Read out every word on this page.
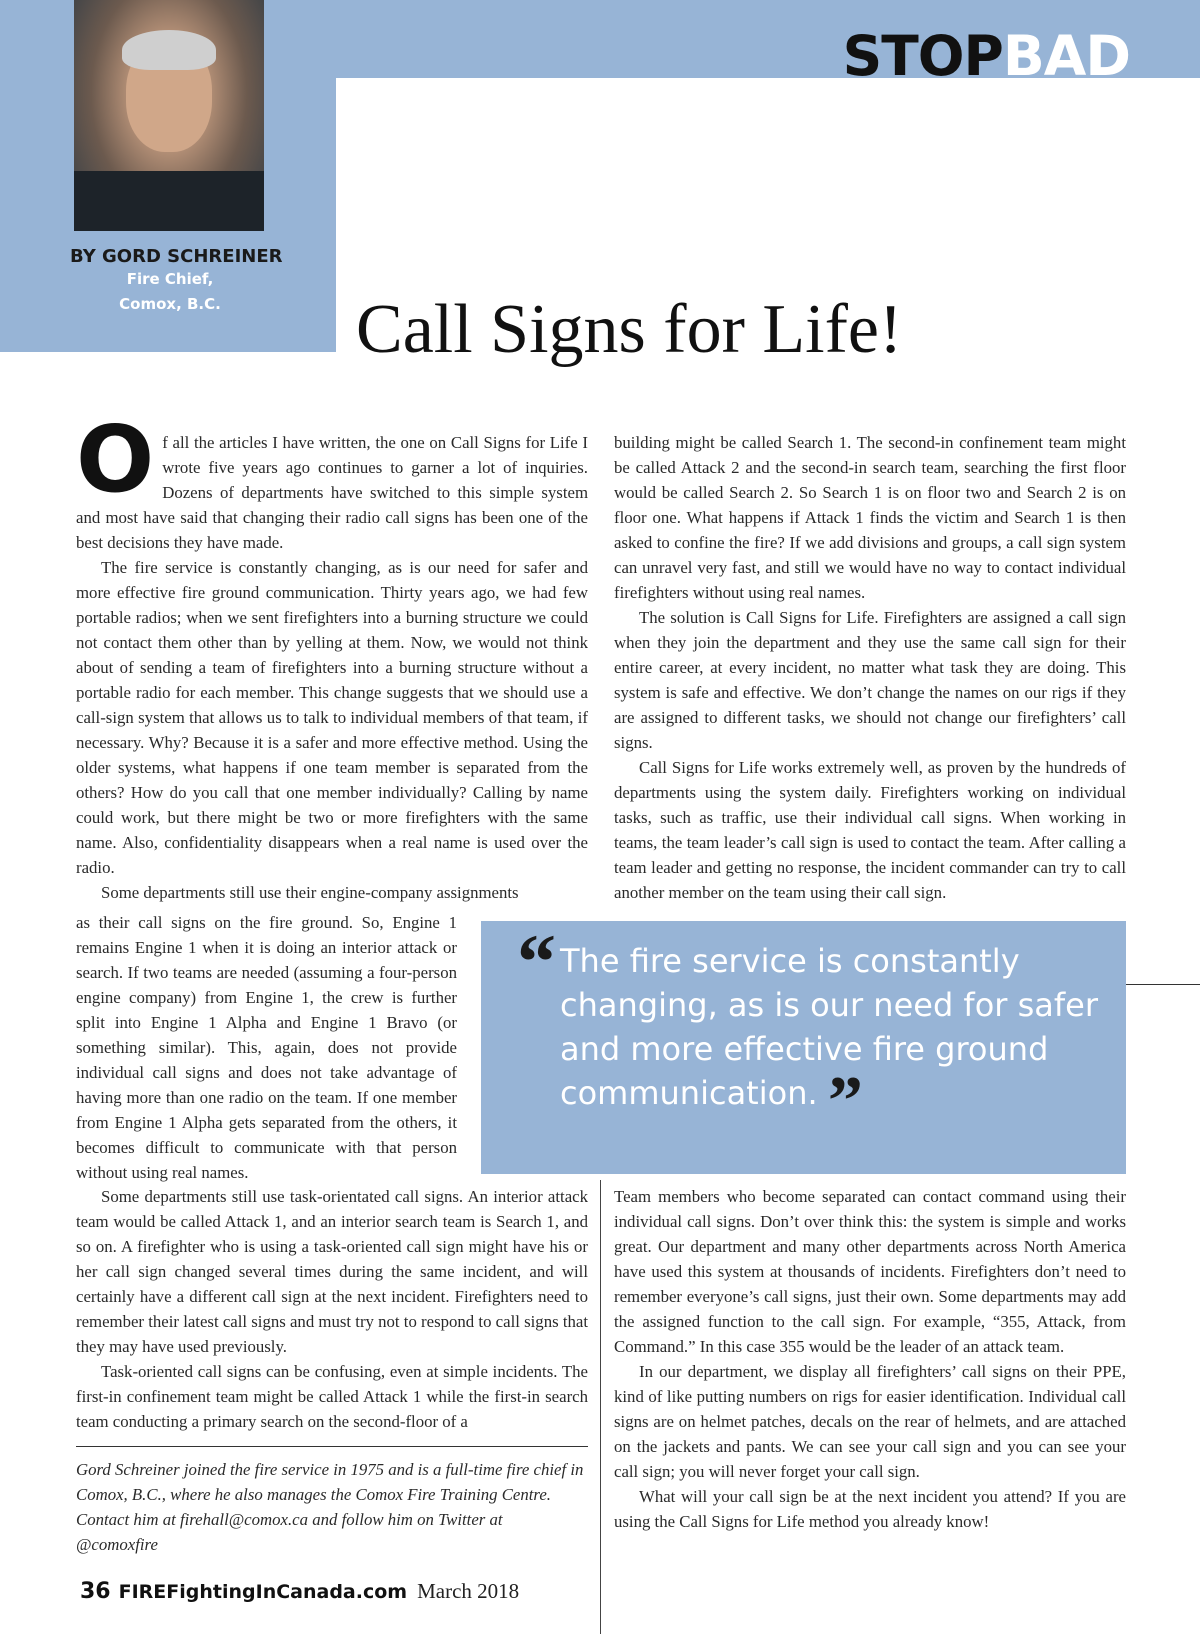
STOPBAD
BY GORD SCHREINER
Fire Chief,
Comox, B.C.	Call Signs for Life!

Of all the articles I have written, the one on Call Signs for Life I wrote five years ago continues to garner a lot of inquiries. Dozens of departments have switched to this simple system and most have said that changing their radio call signs has been one of the best decisions they have made.

The fire service is constantly changing, as is our need for safer and more effective fire ground communication. Thirty years ago, we had few portable radios; when we sent firefighters into a burning structure we could not contact them other than by yelling at them. Now, we would not think about of sending a team of firefighters into a burning structure without a portable radio for each member. This change suggests that we should use a call-sign system that allows us to talk to individual members of that team, if necessary. Why? Because it is a safer and more effective method. Using the older systems, what happens if one team member is separated from the others? How do you call that one member individually? Calling by name could work, but there might be two or more firefighters with the same name. Also, confidentiality disappears when a real name is used over the radio.

Some departments still use their engine-company assignments

as their call signs on the fire ground. So, Engine 1 remains Engine 1 when it is doing an interior attack or search. If two teams are needed (assuming a four-person engine company) from Engine 1, the crew is further split into Engine 1 Alpha and Engine 1 Bravo (or something similar). This, again, does not provide individual call signs and does not take advantage of having more than one radio on the team. If one member from Engine 1 Alpha gets separated from the others, it becomes difficult to communicate with that person without using real names.

Some departments still use task-orientated call signs. An interior attack team would be called Attack 1, and an interior search team is Search 1, and so on. A firefighter who is using a task-oriented call sign might have his or her call sign changed several times during the same incident, and will certainly have a different call sign at the next incident. Firefighters need to remember their latest call signs and must try not to respond to call signs that they may have used previously.

Task-oriented call signs can be confusing, even at simple incidents. The first-in confinement team might be called Attack 1 while the first-in search team conducting a primary search on the second-floor of a

building might be called Search 1. The second-in confinement team might be called Attack 2 and the second-in search team, searching the first floor would be called Search 2. So Search 1 is on floor two and Search 2 is on floor one. What happens if Attack 1 finds the victim and Search 1 is then asked to confine the fire? If we add divisions and groups, a call sign system can unravel very fast, and still we would have no way to contact individual firefighters without using real names.

The solution is Call Signs for Life. Firefighters are assigned a call sign when they join the department and they use the same call sign for their entire career, at every incident, no matter what task they are doing. This system is safe and effective. We don’t change the names on our rigs if they are assigned to different tasks, we should not change our firefighters’ call signs.

Call Signs for Life works extremely well, as proven by the hundreds of departments using the system daily. Firefighters working on individual tasks, such as traffic, use their individual call signs. When working in teams, the team leader’s call sign is used to contact the team. After calling a team leader and getting no response, the incident commander can try to call another member on the team using their call sign.

“ The fire service is constantly changing, as is our need for safer and more effective fire ground communication. ”

Team members who become separated can contact command using their individual call signs. Don’t over think this: the system is simple and works great. Our department and many other departments across North America have used this system at thousands of incidents. Firefighters don’t need to remember everyone’s call signs, just their own. Some departments may add the assigned function to the call sign. For example, “355, Attack, from Command.” In this case 355 would be the leader of an attack team.

In our department, we display all firefighters’ call signs on their PPE, kind of like putting numbers on rigs for easier identification. Individual call signs are on helmet patches, decals on the rear of helmets, and are attached on the jackets and pants. We can see your call sign and you can see your call sign; you will never forget your call sign.

What will your call sign be at the next incident you attend? If you are using the Call Signs for Life method you already know!

Gord Schreiner joined the fire service in 1975 and is a full-time fire chief in Comox, B.C., where he also manages the Comox Fire Training Centre. Contact him at firehall@comox.ca and follow him on Twitter at @comoxfire
36 FIREFightingInCanada.com March 2018
